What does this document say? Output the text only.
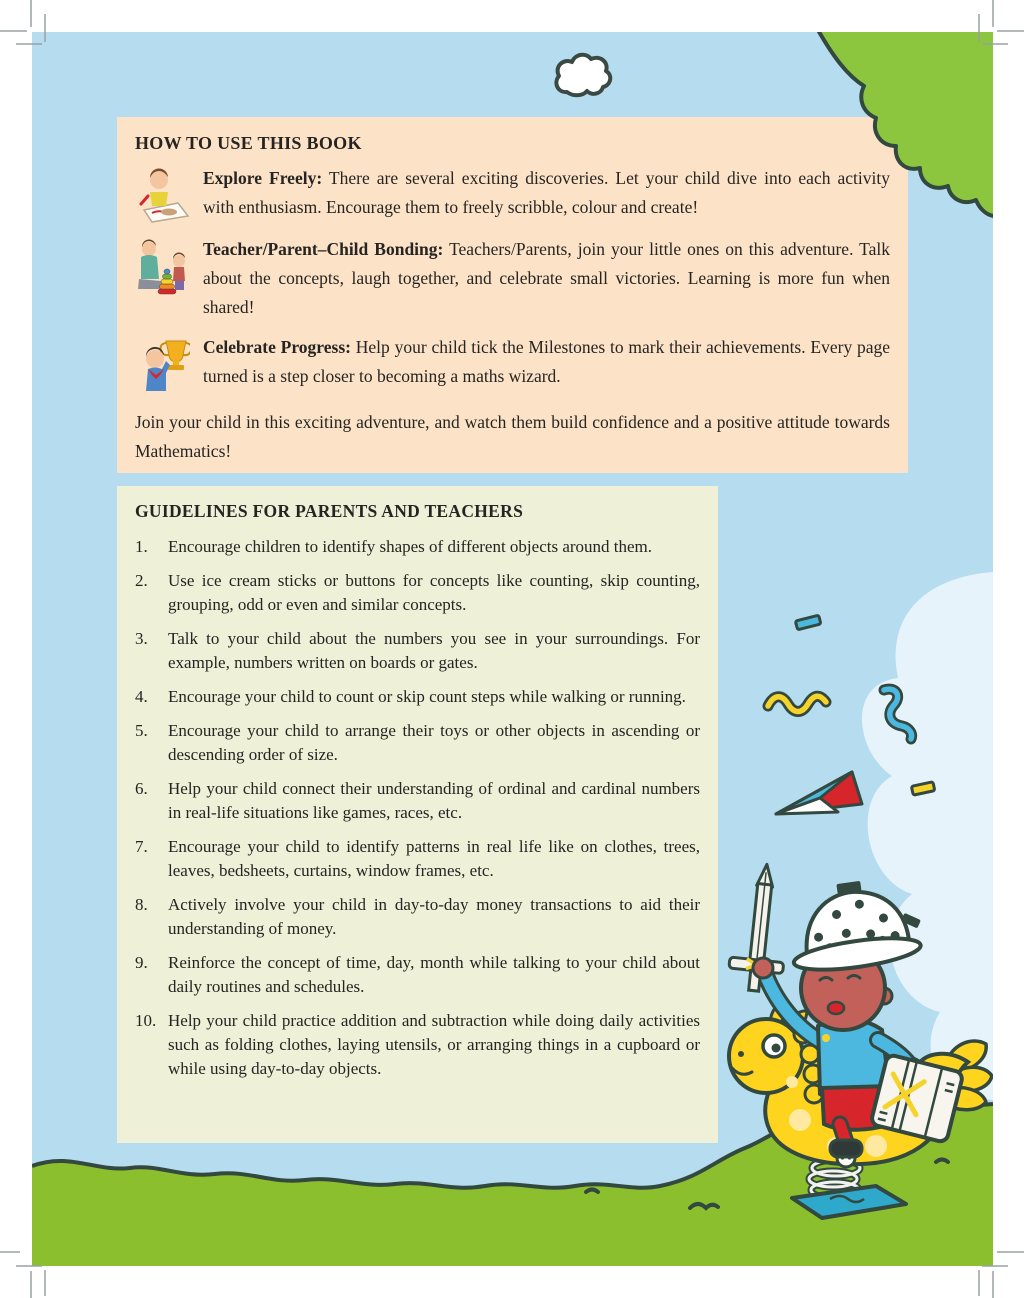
HOW TO USE THIS BOOK
Explore Freely: There are several exciting discoveries. Let your child dive into each activity with enthusiasm. Encourage them to freely scribble, colour and create!
Teacher/Parent–Child Bonding: Teachers/Parents, join your little ones on this adventure. Talk about the concepts, laugh together, and celebrate small victories. Learning is more fun when shared!
Celebrate Progress: Help your child tick the Milestones to mark their achievements. Every page turned is a step closer to becoming a maths wizard.
Join your child in this exciting adventure, and watch them build confidence and a positive attitude towards Mathematics!
GUIDELINES FOR PARENTS AND TEACHERS
1.	Encourage children to identify shapes of different objects around them.
2.	Use ice cream sticks or buttons for concepts like counting, skip counting, grouping, odd or even and similar concepts.
3.	Talk to your child about the numbers you see in your surroundings. For example, numbers written on boards or gates.
4.	Encourage your child to count or skip count steps while walking or running.
5.	Encourage your child to arrange their toys or other objects in ascending or descending order of size.
6.	Help your child connect their understanding of ordinal and cardinal numbers in real-life situations like games, races, etc.
7.	Encourage your child to identify patterns in real life like on clothes, trees, leaves, bedsheets, curtains, window frames, etc.
8.	Actively involve your child in day-to-day money transactions to aid their understanding of money.
9.	Reinforce the concept of time, day, month while talking to your child about daily routines and schedules.
10. Help your child practice addition and subtraction while doing daily activities such as folding clothes, laying utensils, or arranging things in a cupboard or while using day-to-day objects.
